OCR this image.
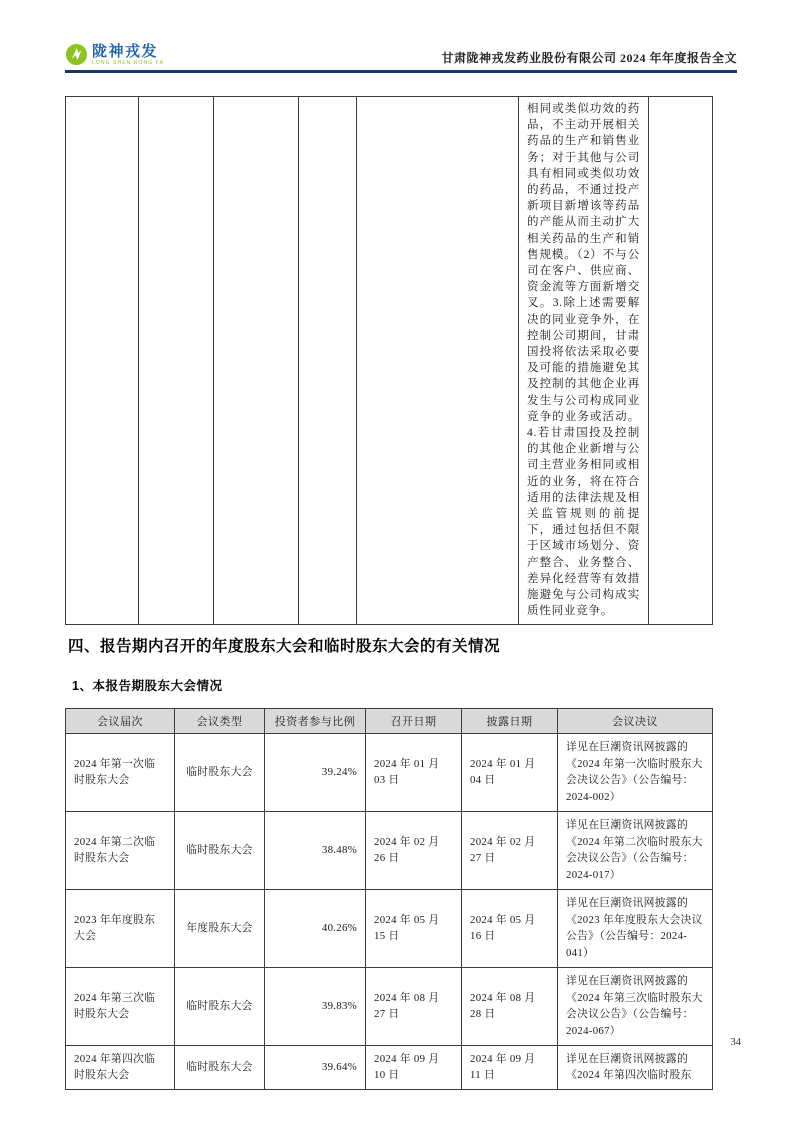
陇神戎发
LONG SHEN RONG FA	甘肃陇神戎发药业股份有限公司 2024 年年度报告全文
					相同或类似功效的药品，不主动开展相关药品的生产和销售业务；对于其他与公司具有相同或类似功效的药品，不通过投产新项目新增该等药品的产能从而主动扩大相关药品的生产和销售规模。（2）不与公司在客户、供应商、资金流等方面新增交叉。3.除上述需要解决的同业竞争外，在控制公司期间，甘肃国投将依法采取必要及可能的措施避免其及控制的其他企业再发生与公司构成同业竞争的业务或活动。4.若甘肃国投及控制的其他企业新增与公司主营业务相同或相近的业务，将在符合适用的法律法规及相关监管规则的前提下，通过包括但不限于区域市场划分、资产整合、业务整合、差异化经营等有效措施避免与公司构成实质性同业竞争。	
四、报告期内召开的年度股东大会和临时股东大会的有关情况
1、本报告期股东大会情况
会议届次	会议类型	投资者参与比例	召开日期	披露日期	会议决议
2024 年第一次临时股东大会	临时股东大会	39.24%	2024 年 01 月 03 日	2024 年 01 月 04 日	详见在巨潮资讯网披露的《2024 年第一次临时股东大会决议公告》（公告编号：2024-002）
2024 年第二次临时股东大会	临时股东大会	38.48%	2024 年 02 月 26 日	2024 年 02 月 27 日	详见在巨潮资讯网披露的《2024 年第二次临时股东大会决议公告》（公告编号：2024-017）
2023 年年度股东大会	年度股东大会	40.26%	2024 年 05 月 15 日	2024 年 05 月 16 日	详见在巨潮资讯网披露的《2023 年年度股东大会决议公告》（公告编号：2024-041）
2024 年第三次临时股东大会	临时股东大会	39.83%	2024 年 08 月 27 日	2024 年 08 月 28 日	详见在巨潮资讯网披露的《2024 年第三次临时股东大会决议公告》（公告编号：2024-067）
2024 年第四次临时股东大会	临时股东大会	39.64%	2024 年 09 月 10 日	2024 年 09 月 11 日	详见在巨潮资讯网披露的《2024 年第四次临时股东
34
